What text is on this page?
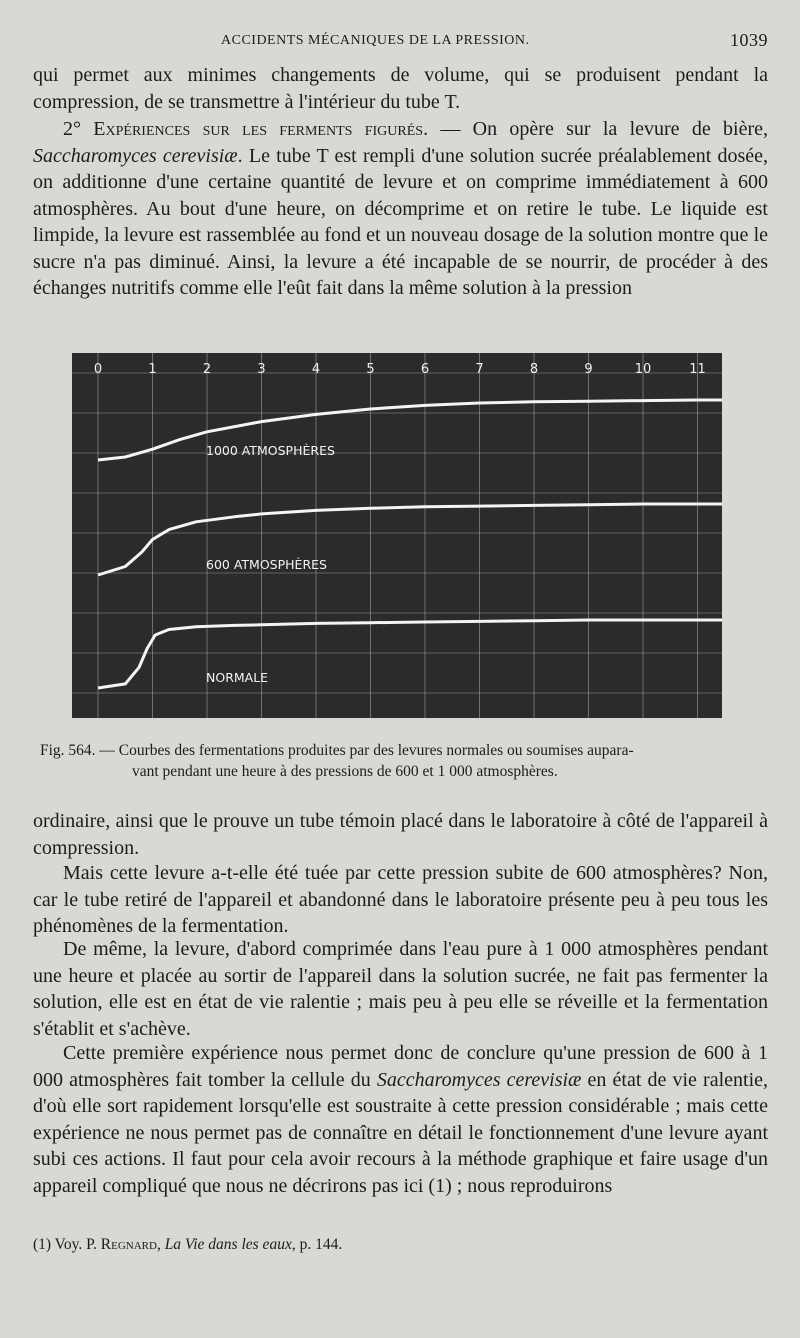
ACCIDENTS MÉCANIQUES DE LA PRESSION.	1039

qui permet aux minimes changements de volume, qui se produisent pendant la compression, de se transmettre à l'intérieur du tube T.

2° Expériences sur les ferments figurés. — On opère sur la levure de bière, Saccharomyces cerevisiæ. Le tube T est rempli d'une solution sucrée préalablement dosée, on additionne d'une certaine quantité de levure et on comprime immédiatement à 600 atmosphères. Au bout d'une heure, on décomprime et on retire le tube. Le liquide est limpide, la levure est rassemblée au fond et un nouveau dosage de la solution montre que le sucre n'a pas diminué. Ainsi, la levure a été incapable de se nourrir, de procéder à des échanges nutritifs comme elle l'eût fait dans la même solution à la pression

0	1	2	3	4	5	6	7	8	9	10	11
1000 ATMOSPHÈRES
600 ATMOSPHÈRES
NORMALE
Fig. 564. — Courbes des fermentations produites par des levures normales ou soumises aupara-
vant pendant une heure à des pressions de 600 et 1 000 atmosphères.

ordinaire, ainsi que le prouve un tube témoin placé dans le laboratoire à côté de l'appareil à compression.

Mais cette levure a-t-elle été tuée par cette pression subite de 600 atmosphères? Non, car le tube retiré de l'appareil et abandonné dans le laboratoire présente peu à peu tous les phénomènes de la fermentation.

De même, la levure, d'abord comprimée dans l'eau pure à 1 000 atmosphères pendant une heure et placée au sortir de l'appareil dans la solution sucrée, ne fait pas fermenter la solution, elle est en état de vie ralentie ; mais peu à peu elle se réveille et la fermentation s'établit et s'achève.

Cette première expérience nous permet donc de conclure qu'une pression de 600 à 1 000 atmosphères fait tomber la cellule du Saccharomyces cerevisiæ en état de vie ralentie, d'où elle sort rapidement lorsqu'elle est soustraite à cette pression considérable ; mais cette expérience ne nous permet pas de connaître en détail le fonctionnement d'une levure ayant subi ces actions. Il faut pour cela avoir recours à la méthode graphique et faire usage d'un appareil compliqué que nous ne décrirons pas ici (1) ; nous reproduirons

(1) Voy. P. Regnard, La Vie dans les eaux, p. 144.
